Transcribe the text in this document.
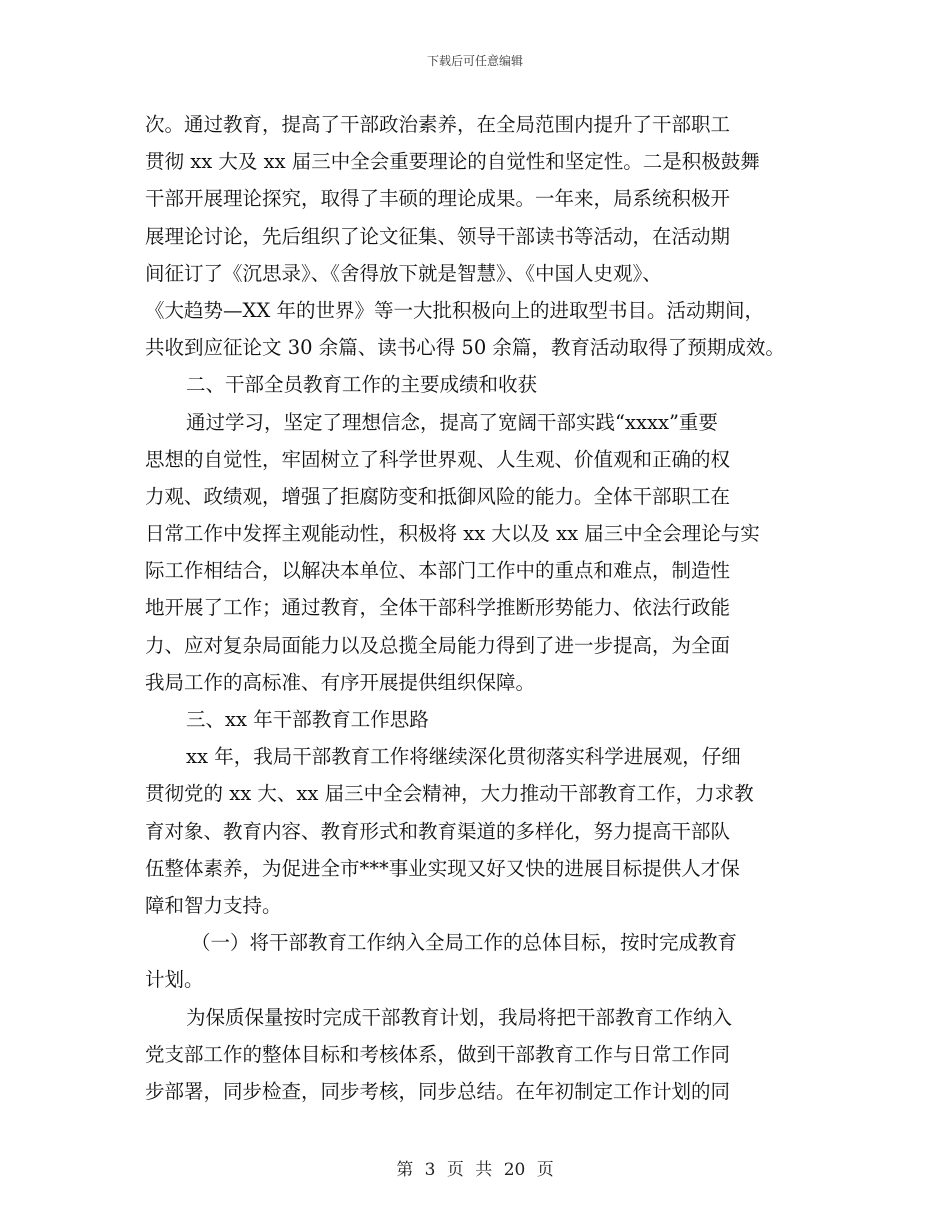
下载后可任意编辑
次。通过教育，提高了干部政治素养，在全局范围内提升了干部职工
贯彻 xx 大及 xx 届三中全会重要理论的自觉性和坚定性。二是积极鼓舞
干部开展理论探究，取得了丰硕的理论成果。一年来，局系统积极开
展理论讨论，先后组织了论文征集、领导干部读书等活动，在活动期
间征订了《沉思录》、《舍得放下就是智慧》、《中国人史观》、
《大趋势—XX 年的世界》等一大批积极向上的进取型书目。活动期间，
共收到应征论文 30 余篇、读书心得 50 余篇，教育活动取得了预期成效。
二、干部全员教育工作的主要成绩和收获
通过学习，坚定了理想信念，提高了宽阔干部实践“xxxx”重要
思想的自觉性，牢固树立了科学世界观、人生观、价值观和正确的权
力观、政绩观，增强了拒腐防变和抵御风险的能力。全体干部职工在
日常工作中发挥主观能动性，积极将 xx 大以及 xx 届三中全会理论与实
际工作相结合，以解决本单位、本部门工作中的重点和难点，制造性
地开展了工作；通过教育，全体干部科学推断形势能力、依法行政能
力、应对复杂局面能力以及总揽全局能力得到了进一步提高，为全面
我局工作的高标准、有序开展提供组织保障。
三、xx 年干部教育工作思路
xx 年，我局干部教育工作将继续深化贯彻落实科学进展观，仔细
贯彻党的 xx 大、xx 届三中全会精神，大力推动干部教育工作，力求教
育对象、教育内容、教育形式和教育渠道的多样化，努力提高干部队
伍整体素养，为促进全市***事业实现又好又快的进展目标提供人才保
障和智力支持。
（一）将干部教育工作纳入全局工作的总体目标，按时完成教育
计划。
为保质保量按时完成干部教育计划，我局将把干部教育工作纳入
党支部工作的整体目标和考核体系，做到干部教育工作与日常工作同
步部署，同步检查，同步考核，同步总结。在年初制定工作计划的同
第 3 页 共 20 页
